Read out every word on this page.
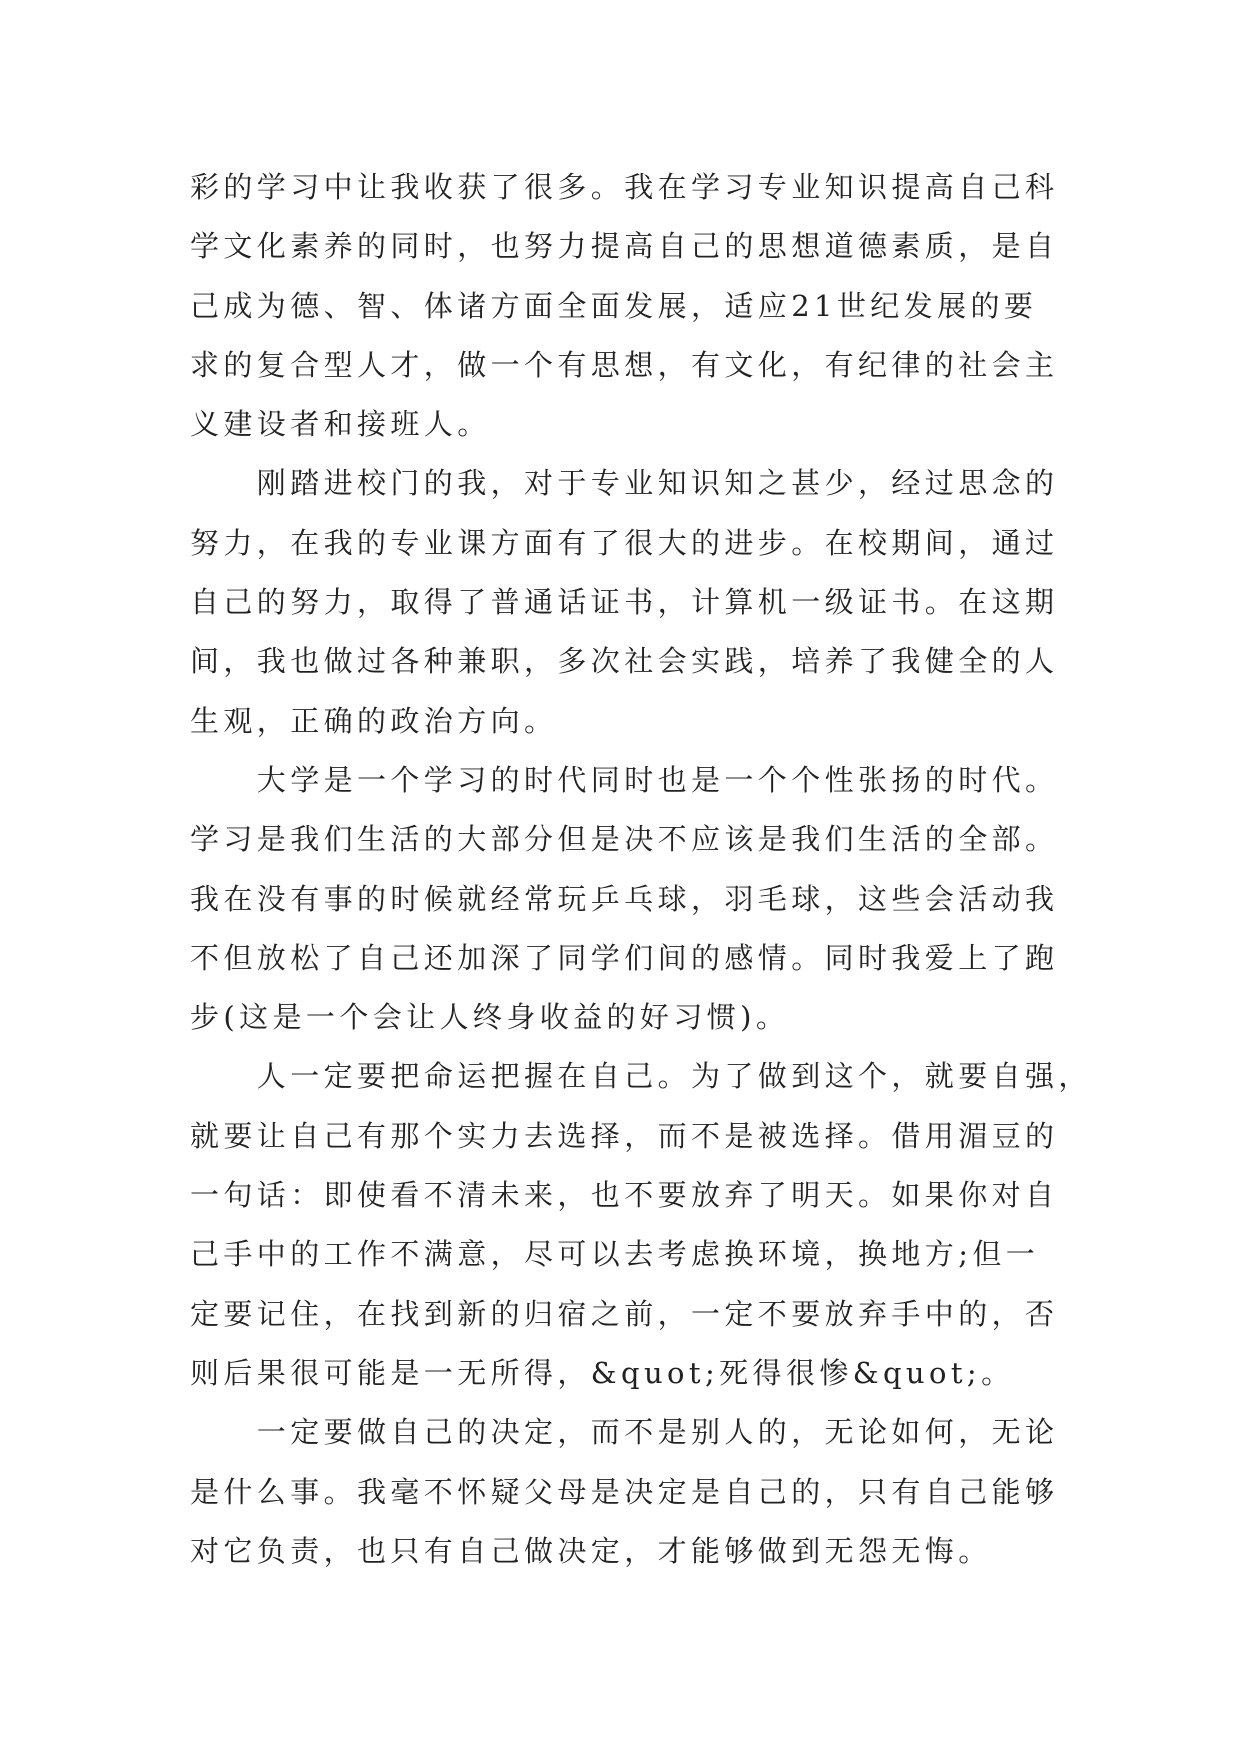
彩的学习中让我收获了很多。我在学习专业知识提高自己科
学文化素养的同时，也努力提高自己的思想道德素质，是自
己成为德、智、体诸方面全面发展，适应21世纪发展的要
求的复合型人才，做一个有思想，有文化，有纪律的社会主
义建设者和接班人。
　　刚踏进校门的我，对于专业知识知之甚少，经过思念的
努力，在我的专业课方面有了很大的进步。在校期间，通过
自己的努力，取得了普通话证书，计算机一级证书。在这期
间，我也做过各种兼职，多次社会实践，培养了我健全的人
生观，正确的政治方向。
　　大学是一个学习的时代同时也是一个个性张扬的时代。
学习是我们生活的大部分但是决不应该是我们生活的全部。
我在没有事的时候就经常玩乒乓球，羽毛球，这些会活动我
不但放松了自己还加深了同学们间的感情。同时我爱上了跑
步(这是一个会让人终身收益的好习惯)。
　　人一定要把命运把握在自己。为了做到这个，就要自强，
就要让自己有那个实力去选择，而不是被选择。借用湄豆的
一句话：即使看不清未来，也不要放弃了明天。如果你对自
己手中的工作不满意，尽可以去考虑换环境，换地方;但一
定要记住，在找到新的归宿之前，一定不要放弃手中的，否
则后果很可能是一无所得，&quot;死得很惨&quot;。
　　一定要做自己的决定，而不是别人的，无论如何，无论
是什么事。我毫不怀疑父母是决定是自己的，只有自己能够
对它负责，也只有自己做决定，才能够做到无怨无悔。
